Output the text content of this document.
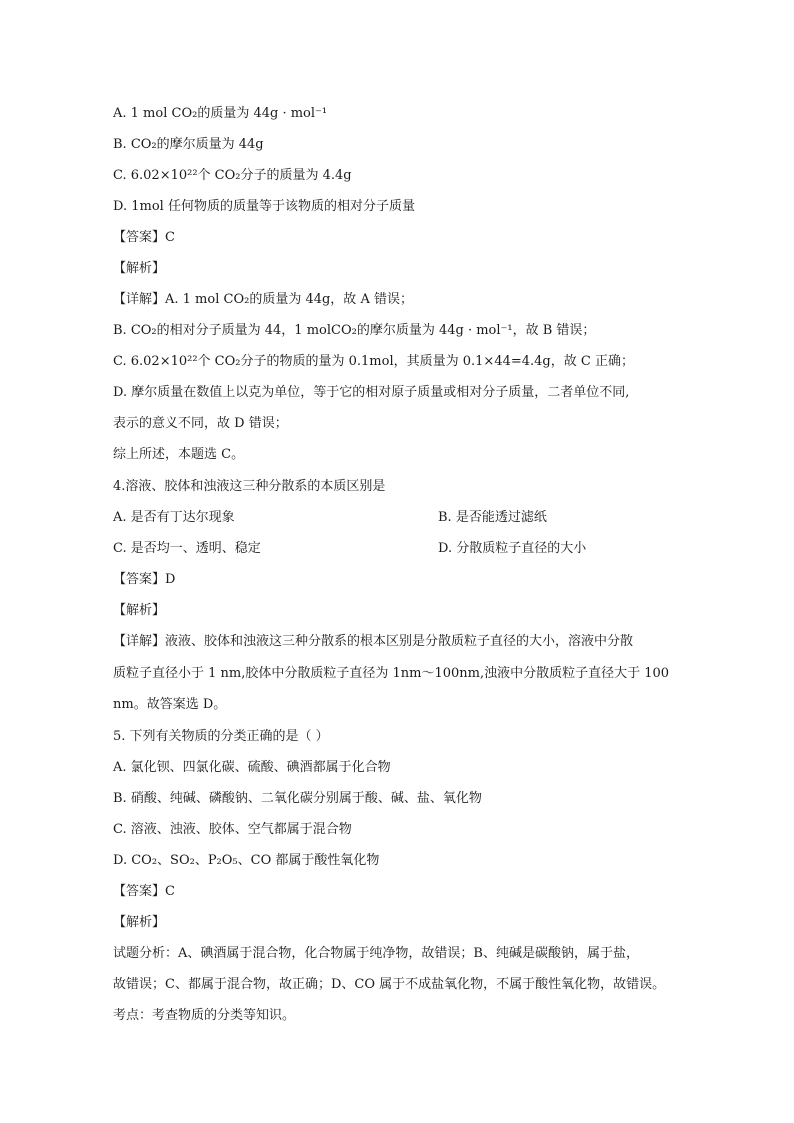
A. 1 mol CO₂的质量为 44g · mol⁻¹
B. CO₂的摩尔质量为 44g
C. 6.02×10²²个 CO₂分子的质量为 4.4g
D. 1mol 任何物质的质量等于该物质的相对分子质量
【答案】C
【解析】
【详解】A. 1 mol CO₂的质量为 44g，故 A 错误；
B. CO₂的相对分子质量为 44，1 molCO₂的摩尔质量为 44g · mol⁻¹，故 B 错误；
C. 6.02×10²²个 CO₂分子的物质的量为 0.1mol，其质量为 0.1×44=4.4g，故 C 正确；
D. 摩尔质量在数值上以克为单位，等于它的相对原子质量或相对分子质量，二者单位不同,
表示的意义不同，故 D 错误；
综上所述，本题选 C。
4.溶液、胶体和浊液这三种分散系的本质区别是
A. 是否有丁达尔现象	B. 是否能透过滤纸
C. 是否均一、透明、稳定	D. 分散质粒子直径的大小
【答案】D
【解析】
【详解】液液、胶体和浊液这三种分散系的根本区别是分散质粒子直径的大小，溶液中分散
质粒子直径小于 1 nm,胶体中分散质粒子直径为 1nm～100nm,浊液中分散质粒子直径大于 100
nm。故答案选 D。
5. 下列有关物质的分类正确的是（ ）
A. 氯化钡、四氯化碳、硫酸、碘酒都属于化合物
B. 硝酸、纯碱、磷酸钠、二氧化碳分别属于酸、碱、盐、氧化物
C. 溶液、浊液、胶体、空气都属于混合物
D. CO₂、SO₂、P₂O₅、CO 都属于酸性氧化物
【答案】C
【解析】
试题分析：A、碘酒属于混合物，化合物属于纯净物，故错误；B、纯碱是碳酸钠，属于盐，
故错误；C、都属于混合物，故正确；D、CO 属于不成盐氧化物，不属于酸性氧化物，故错误。
考点：考查物质的分类等知识。
